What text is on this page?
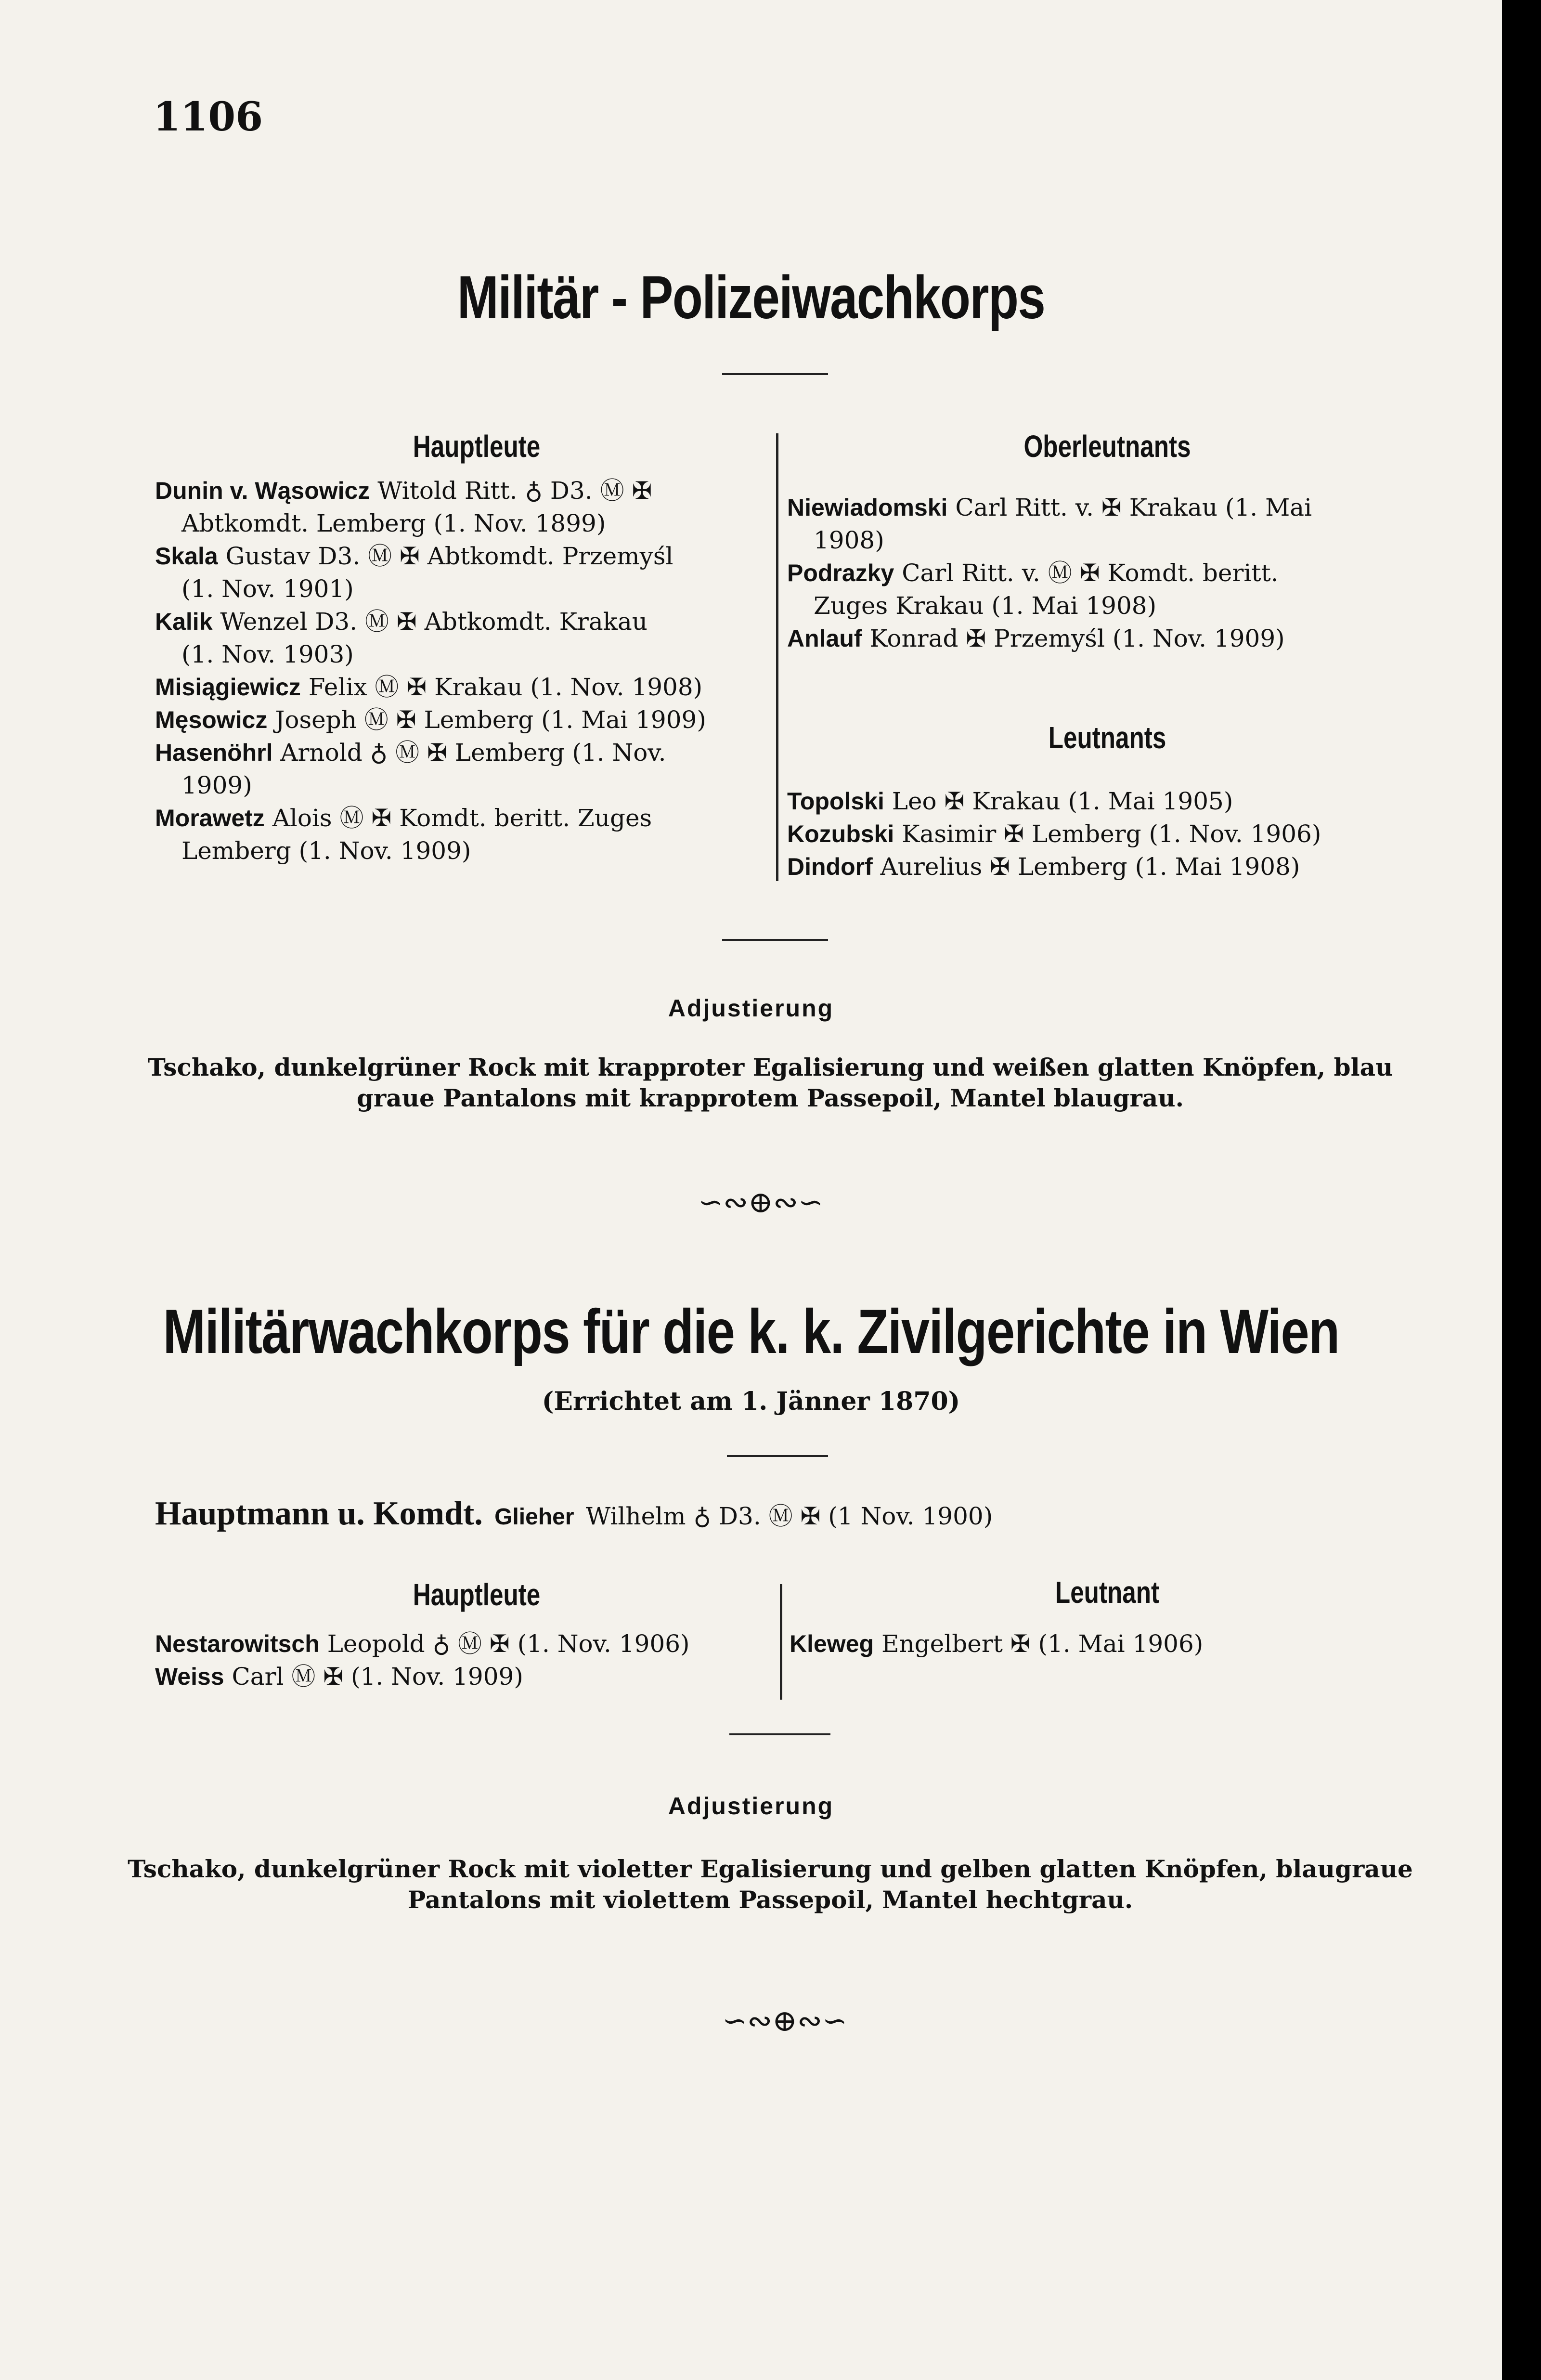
1106
Militär - Polizeiwachkorps
Hauptleute	Oberleutnants
Dunin v. Wąsowicz Witold Ritt. ♁ D3. Ⓜ ✠
Abtkomdt. Lemberg (1. Nov. 1899)
Skala Gustav D3. Ⓜ ✠ Abtkomdt. Przemyśl
(1. Nov. 1901)
Kalik Wenzel D3. Ⓜ ✠ Abtkomdt. Krakau
(1. Nov. 1903)
Misiągiewicz Felix Ⓜ ✠ Krakau (1. Nov. 1908)
Męsowicz Joseph Ⓜ ✠ Lemberg (1. Mai 1909)
Hasenöhrl Arnold ♁ Ⓜ ✠ Lemberg (1. Nov.
1909)
Morawetz Alois Ⓜ ✠ Komdt. beritt. Zuges
Lemberg (1. Nov. 1909)
Niewiadomski Carl Ritt. v. ✠ Krakau (1. Mai
1908)
Podrazky Carl Ritt. v. Ⓜ ✠ Komdt. beritt.
Zuges Krakau (1. Mai 1908)
Anlauf Konrad ✠ Przemyśl (1. Nov. 1909)
Leutnants
Topolski Leo ✠ Krakau (1. Mai 1905)
Kozubski Kasimir ✠ Lemberg (1. Nov. 1906)
Dindorf Aurelius ✠ Lemberg (1. Mai 1908)
Adjustierung
Tschako, dunkelgrüner Rock mit krapproter Egalisierung und weißen glatten Knöpfen, blau
graue Pantalons mit krapprotem Passepoil, Mantel blaugrau.
∽∾⊕∾∽
Militärwachkorps für die k. k. Zivilgerichte in Wien
(Errichtet am 1. Jänner 1870)
Hauptmann u. Komdt. Glieher Wilhelm ♁ D3. Ⓜ ✠ (1 Nov. 1900)
Hauptleute	Leutnant
Nestarowitsch Leopold ♁ Ⓜ ✠ (1. Nov. 1906)
Weiss Carl Ⓜ ✠ (1. Nov. 1909)
Kleweg Engelbert ✠ (1. Mai 1906)
Adjustierung
Tschako, dunkelgrüner Rock mit violetter Egalisierung und gelben glatten Knöpfen, blaugraue
Pantalons mit violettem Passepoil, Mantel hechtgrau.
∽∾⊕∾∽
